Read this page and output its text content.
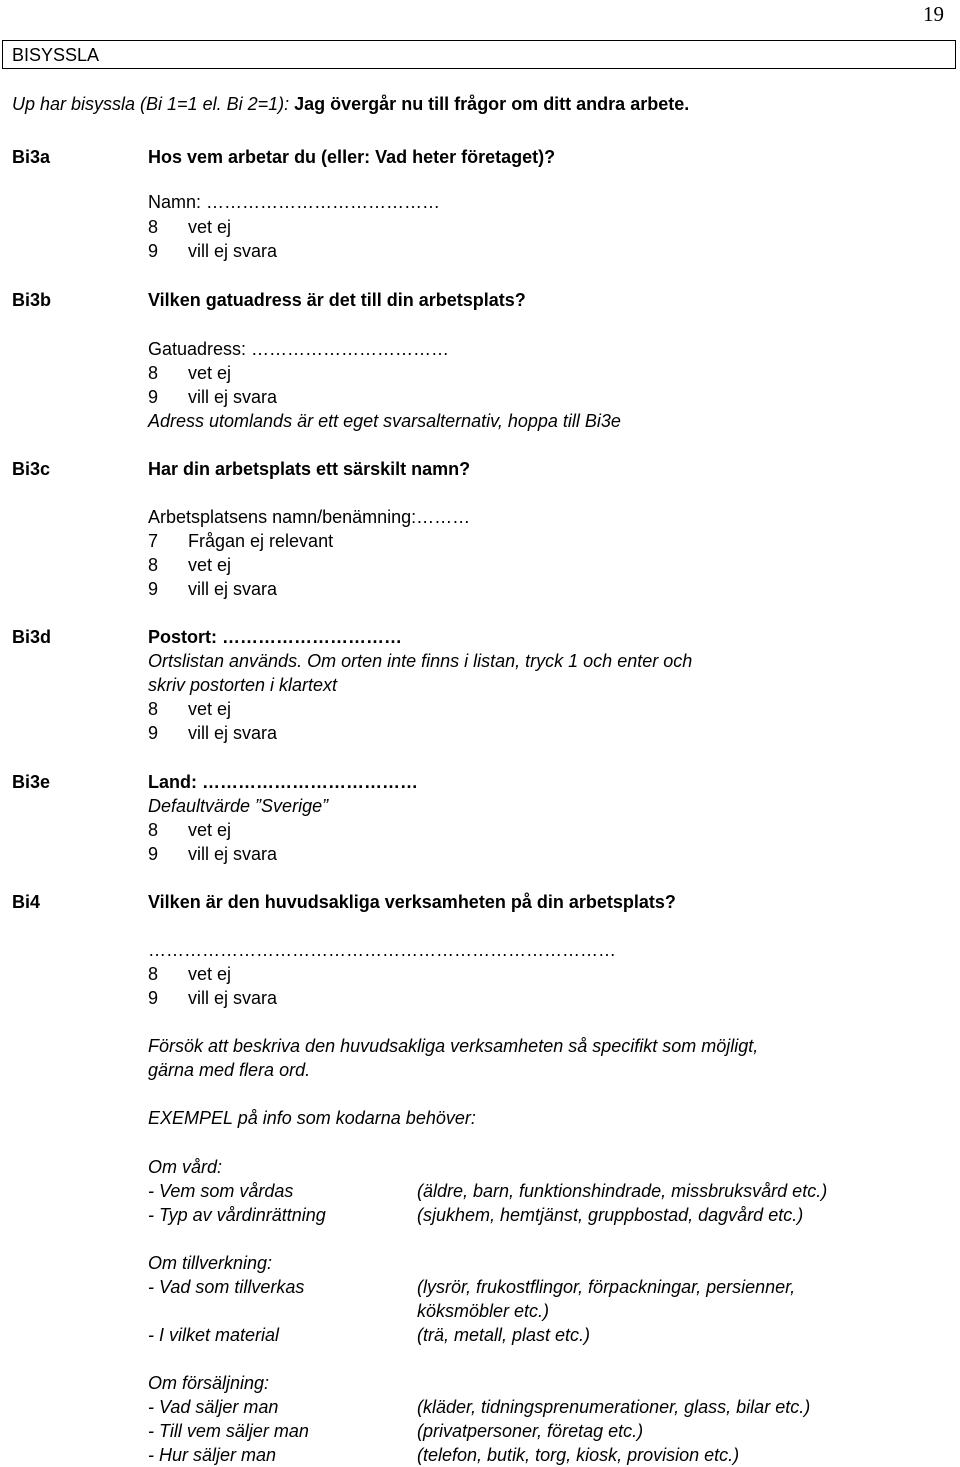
19
BISYSSLA
Up har bisyssla (Bi 1=1 el. Bi 2=1): Jag övergår nu till frågor om ditt andra arbete.
Bi3a	Hos vem arbetar du (eller: Vad heter företaget)?
Namn: …………………………………
8 vet ej
9 vill ej svara
Bi3b	Vilken gatuadress är det till din arbetsplats?
Gatuadress: ……………………………
8 vet ej
9 vill ej svara
Adress utomlands är ett eget svarsalternativ, hoppa till Bi3e
Bi3c	Har din arbetsplats ett särskilt namn?
Arbetsplatsens namn/benämning:………
7 Frågan ej relevant
8 vet ej
9 vill ej svara
Bi3d	Postort: …………………………
Ortslistan används. Om orten inte finns i listan, tryck 1 och enter och
skriv postorten i klartext
8 vet ej
9 vill ej svara
Bi3e	Land: ………………………………
Defaultvärde ”Sverige”
8 vet ej
9 vill ej svara
Bi4	Vilken är den huvudsakliga verksamheten på din arbetsplats?
……………………………………………………………………
8 vet ej
9 vill ej svara
Försök att beskriva den huvudsakliga verksamheten så specifikt som möjligt,
gärna med flera ord.
EXEMPEL på info som kodarna behöver:
Om vård:
- Vem som vårdas	(äldre, barn, funktionshindrade, missbruksvård etc.)
- Typ av vårdinrättning	(sjukhem, hemtjänst, gruppbostad, dagvård etc.)
Om tillverkning:
- Vad som tillverkas	(lysrör, frukostflingor, förpackningar, persienner,
köksmöbler etc.)
- I vilket material	(trä, metall, plast etc.)
Om försäljning:
- Vad säljer man	(kläder, tidningsprenumerationer, glass, bilar etc.)
- Till vem säljer man	(privatpersoner, företag etc.)
- Hur säljer man	(telefon, butik, torg, kiosk, provision etc.)
